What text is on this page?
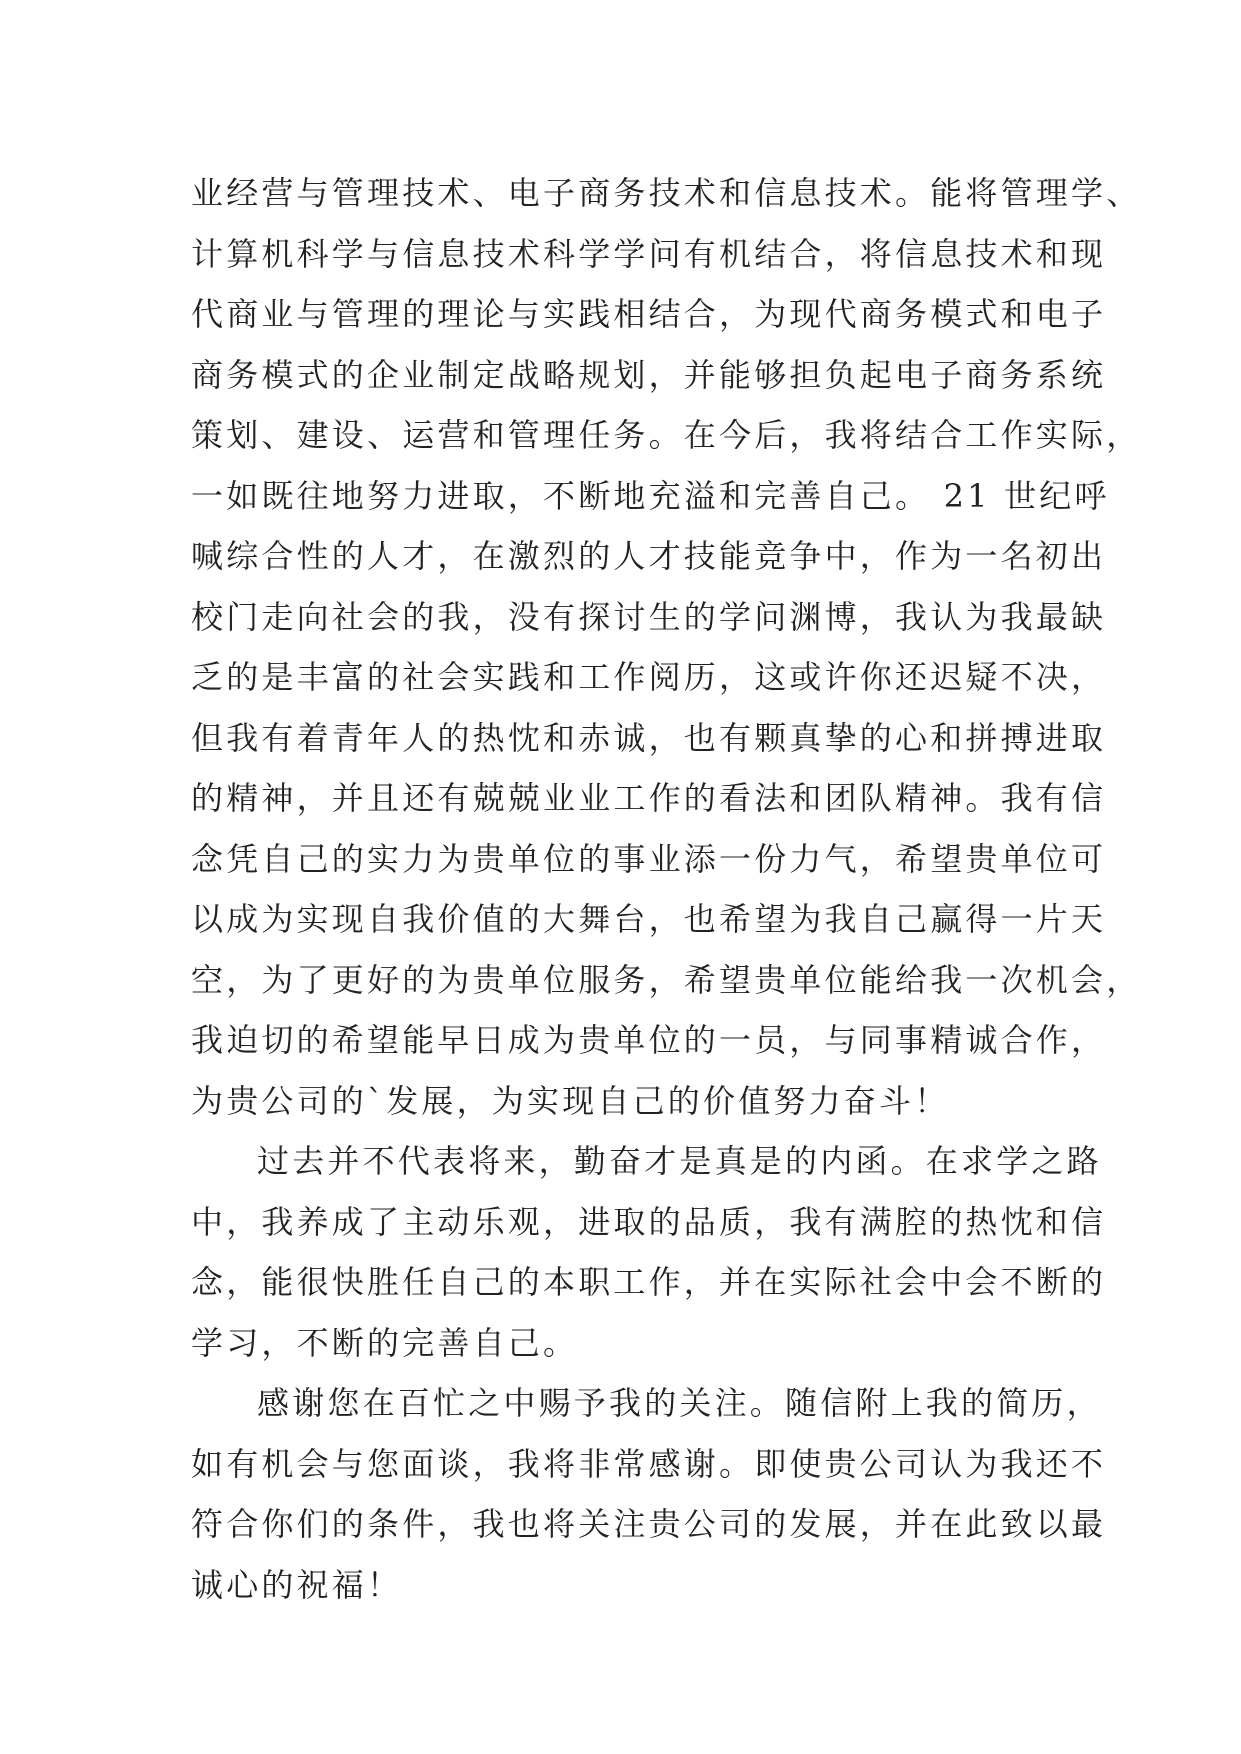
业经营与管理技术、电子商务技术和信息技术。能将管理学、
计算机科学与信息技术科学学问有机结合，将信息技术和现
代商业与管理的理论与实践相结合，为现代商务模式和电子
商务模式的企业制定战略规划，并能够担负起电子商务系统
策划、建设、运营和管理任务。在今后，我将结合工作实际，
一如既往地努力进取，不断地充溢和完善自己。 21 世纪呼
喊综合性的人才，在激烈的人才技能竞争中，作为一名初出
校门走向社会的我，没有探讨生的学问渊博，我认为我最缺
乏的是丰富的社会实践和工作阅历，这或许你还迟疑不决，
但我有着青年人的热忱和赤诚，也有颗真挚的心和拼搏进取
的精神，并且还有兢兢业业工作的看法和团队精神。我有信
念凭自己的实力为贵单位的事业添一份力气，希望贵单位可
以成为实现自我价值的大舞台，也希望为我自己赢得一片天
空，为了更好的为贵单位服务，希望贵单位能给我一次机会，
我迫切的希望能早日成为贵单位的一员，与同事精诚合作，
为贵公司的`发展，为实现自己的价值努力奋斗！
过去并不代表将来，勤奋才是真是的内函。在求学之路
中，我养成了主动乐观，进取的品质，我有满腔的热忱和信
念，能很快胜任自己的本职工作，并在实际社会中会不断的
学习，不断的完善自己。
感谢您在百忙之中赐予我的关注。随信附上我的简历，
如有机会与您面谈，我将非常感谢。即使贵公司认为我还不
符合你们的条件，我也将关注贵公司的发展，并在此致以最
诚心的祝福！
